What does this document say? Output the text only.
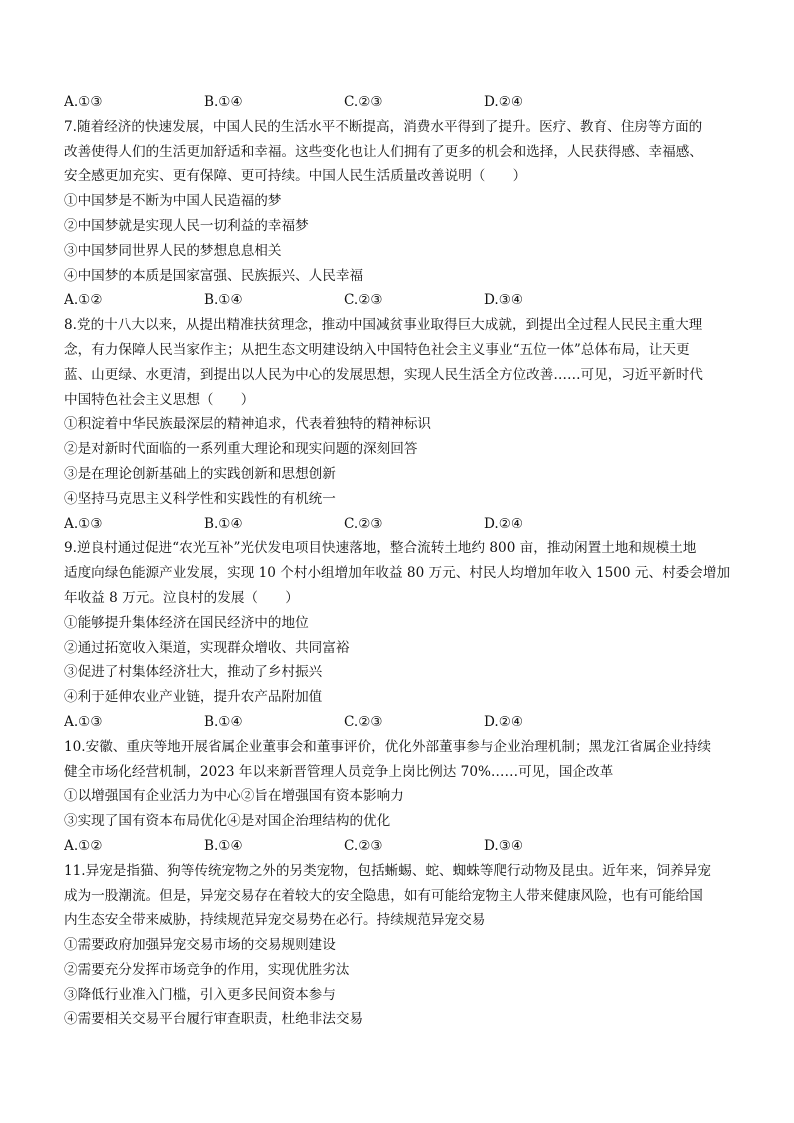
A.①③	B.①④	C.②③	D.②④
7.随着经济的快速发展，中国人民的生活水平不断提高，消费水平得到了提升。医疗、教育、住房等方面的
改善使得人们的生活更加舒适和幸福。这些变化也让人们拥有了更多的机会和选择，人民获得感、幸福感、
安全感更加充实、更有保障、更可持续。中国人民生活质量改善说明（　　）
①中国梦是不断为中国人民造福的梦
②中国梦就是实现人民一切利益的幸福梦
③中国梦同世界人民的梦想息息相关
④中国梦的本质是国家富强、民族振兴、人民幸福
A.①②	B.①④	C.②③	D.③④
8.党的十八大以来，从提出精准扶贫理念，推动中国减贫事业取得巨大成就，到提出全过程人民民主重大理
念，有力保障人民当家作主；从把生态文明建设纳入中国特色社会主义事业“五位一体”总体布局，让天更
蓝、山更绿、水更清，到提出以人民为中心的发展思想，实现人民生活全方位改善……可见，习近平新时代
中国特色社会主义思想（　　）
①积淀着中华民族最深层的精神追求，代表着独特的精神标识
②是对新时代面临的一系列重大理论和现实问题的深刻回答
③是在理论创新基础上的实践创新和思想创新
④坚持马克思主义科学性和实践性的有机统一
A.①③	B.①④	C.②③	D.②④
9.逆良村通过促进“农光互补”光伏发电项目快速落地，整合流转土地约 800 亩，推动闲置土地和规模土地
适度向绿色能源产业发展，实现 10 个村小组增加年收益 80 万元、村民人均增加年收入 1500 元、村委会增加
年收益 8 万元。泣良村的发展（　　）
①能够提升集体经济在国民经济中的地位
②通过拓宽收入渠道，实现群众增收、共同富裕
③促进了村集体经济壮大，推动了乡村振兴
④利于延伸农业产业链，提升农产品附加值
A.①③	B.①④	C.②③	D.②④
10.安徽、重庆等地开展省属企业董事会和董事评价，优化外部董事参与企业治理机制；黑龙江省属企业持续
健全市场化经营机制，2023 年以来新晋管理人员竞争上岗比例达 70%……可见，国企改革
①以增强国有企业活力为中心②旨在增强国有资本影响力
③实现了国有资本布局优化④是对国企治理结构的优化
A.①②	B.①④	C.②③	D.③④
11.异宠是指猫、狗等传统宠物之外的另类宠物，包括蜥蜴、蛇、蜘蛛等爬行动物及昆虫。近年来，饲养异宠
成为一股潮流。但是，异宠交易存在着较大的安全隐患，如有可能给宠物主人带来健康风险，也有可能给国
内生态安全带来威胁，持续规范异宠交易势在必行。持续规范异宠交易
①需要政府加强异宠交易市场的交易规则建设
②需要充分发挥市场竞争的作用，实现优胜劣汰
③降低行业准入门槛，引入更多民间资本参与
④需要相关交易平台履行审查职责，杜绝非法交易
